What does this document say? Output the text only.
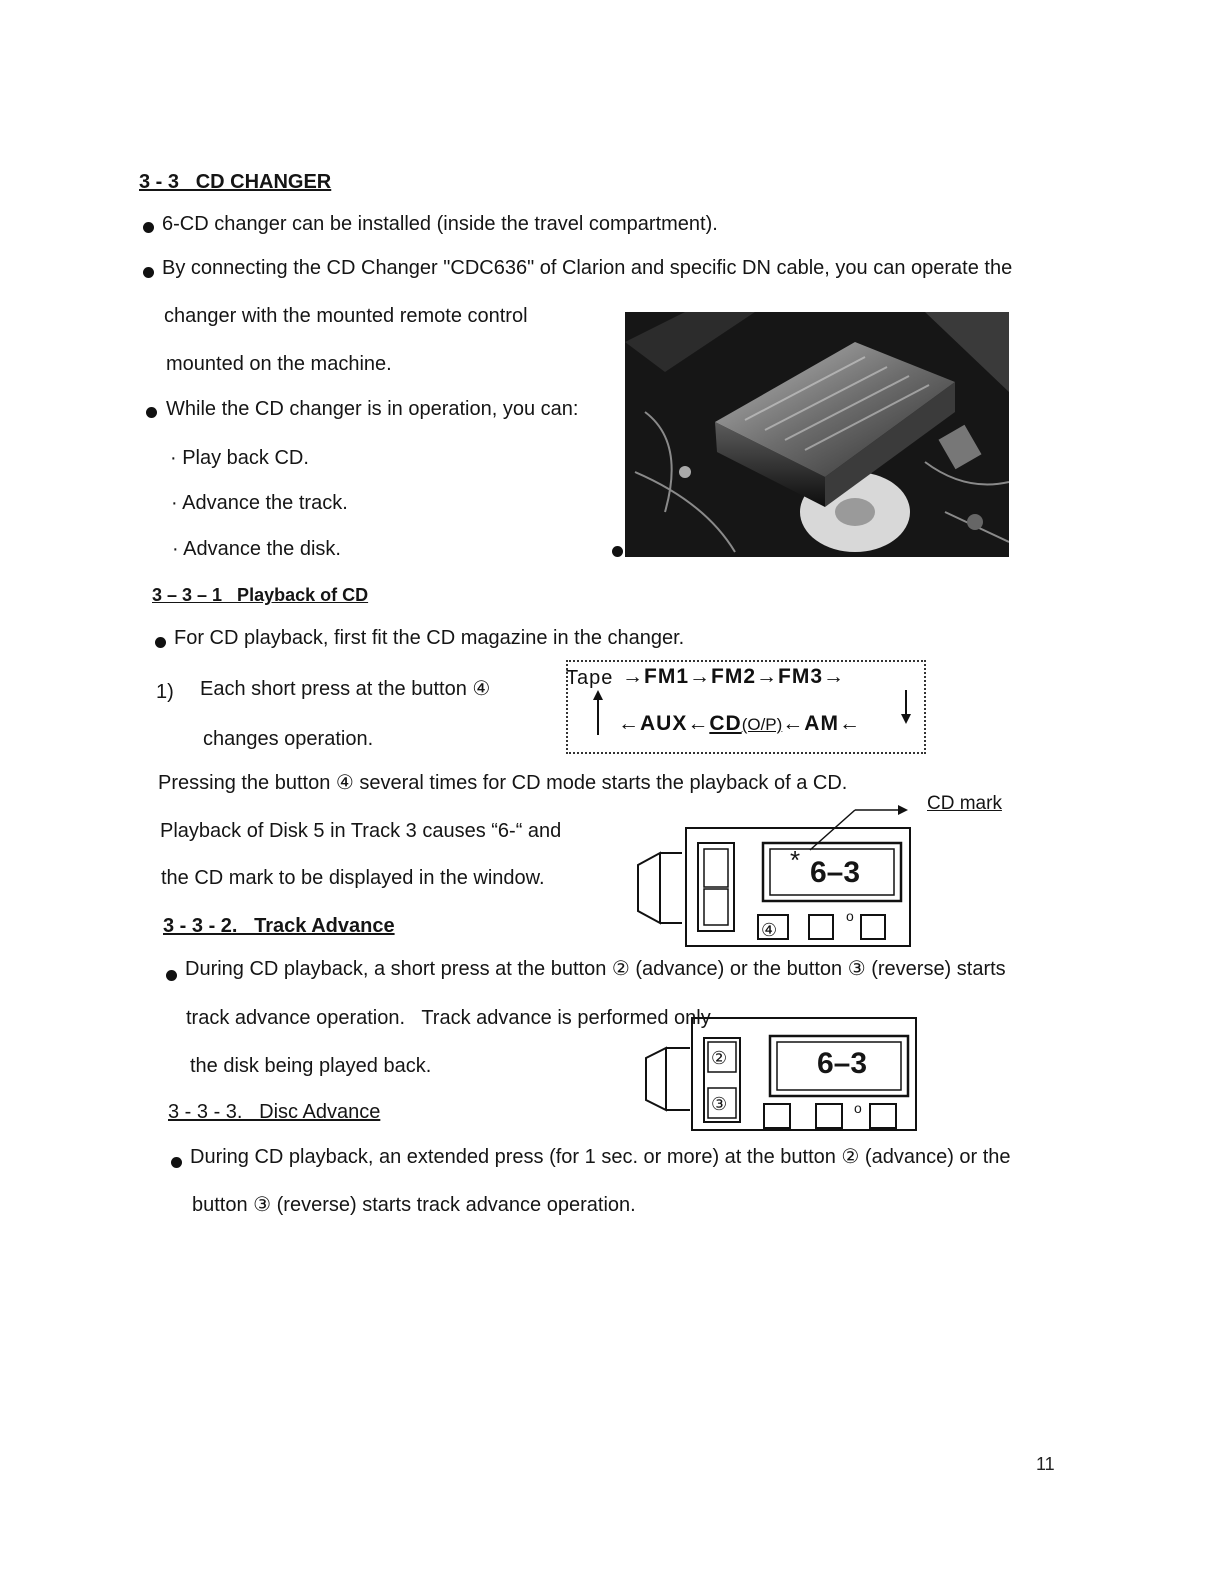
3 - 3   CD CHANGER
6-CD changer can be installed (inside the travel compartment).
By connecting the CD Changer "CDC636" of Clarion and specific DN cable, you can operate the
changer with the mounted remote control
mounted on the machine.
While the CD changer is in operation, you can:
· Play back CD.
· Advance the track.
· Advance the disk.
3 – 3 – 1   Playback of CD
For CD playback, first fit the CD magazine in the changer.
1) Each short press at the button ④
changes operation.
Tape →FM1→FM2→FM3→
←AUX←CD(O/P)←AM←
Pressing the button ④ several times for CD mode starts the playback of a CD.
CD mark
* 6–3
④
o
Playback of Disk 5 in Track 3 causes “6-“ and
the CD mark to be displayed in the window.
3 - 3 - 2.   Track Advance
During CD playback, a short press at the button ② (advance) or the button ③ (reverse) starts
track advance operation.   Track advance is performed only
the disk being played back.	②
③
6–3
o
3 - 3 - 3.   Disc Advance
During CD playback, an extended press (for 1 sec. or more) at the button ② (advance) or the
button ③ (reverse) starts track advance operation.
11
